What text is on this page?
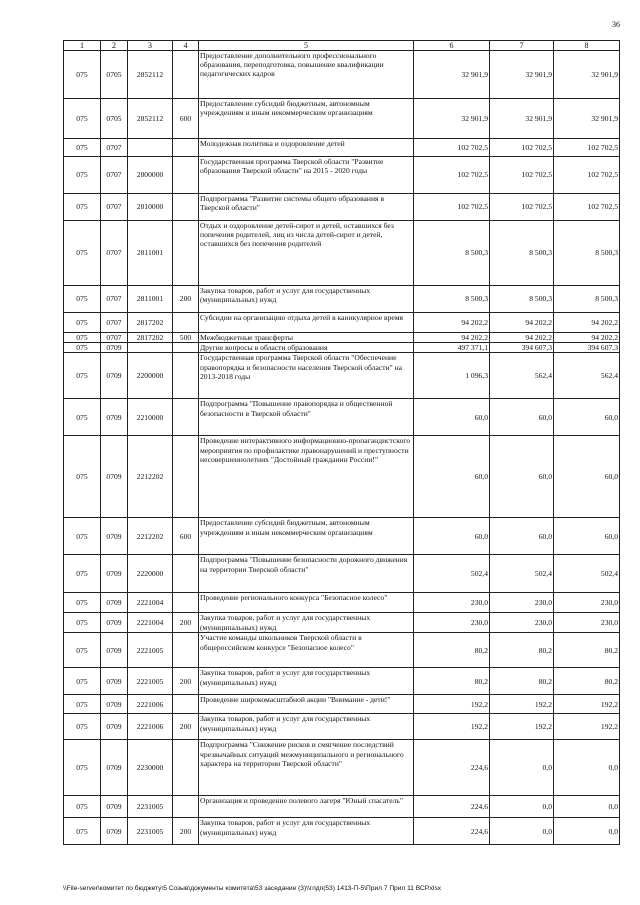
36
1	2	3	4	5	6	7	8
075	0705	2852112		Предоставление дополнительного профессионального образования, переподготовка, повышение квалификации педагогических кадров	32 901,9	32 901,9	32 901,9
075	0705	2852112	600	Предоставление субсидий бюджетным, автономным учреждениям и иным некоммерческим организациям	32 901,9	32 901,9	32 901,9
075	0707			Молодежная политика и оздоровление детей	102 702,5	102 702,5	102 702,5
075	0707	2800000		Государственная программа Тверской области "Развитие образования Тверской области" на 2015 - 2020 годы	102 702,5	102 702,5	102 702,5
075	0707	2810000		Подпрограмма "Развитие системы общего образования в Тверской области"	102 702,5	102 702,5	102 702,5
075	0707	2811001		Отдых и оздоровление детей-сирот и детей, оставшихся без попечения родителей, лиц из числа детей-сирот и детей, оставшихся без попечения родителей	8 500,3	8 500,3	8 500,3
075	0707	2811001	200	Закупка товаров, работ и услуг для государственных (муниципальных) нужд	8 500,3	8 500,3	8 500,3
075	0707	2817202		Субсидии на организацию отдыха детей в каникулярное время	94 202,2	94 202,2	94 202,2
075	0707	2817202	500	Межбюджетные трансферты	94 202,2	94 202,2	94 202,2
075	0709			Другие вопросы в области образования	497 371,1	394 607,3	394 607,3
075	0709	2200000		Государственная программа Тверской области "Обеспечение правопорядка и безопасности населения Тверской области" на 2013-2018 годы	1 096,3	562,4	562,4
075	0709	2210000		Подпрограмма "Повышение правопорядка и общественной безопасности в Тверской области"	60,0	60,0	60,0
075	0709	2212202		Проведение интерактивного информационно-пропагандистского мероприятия по профилактике правонарушений и преступности несовершеннолетних "Достойный гражданин России!"	60,0	60,0	60,0
075	0709	2212202	600	Предоставление субсидий бюджетным, автономным учреждениям и иным некоммерческим организациям	60,0	60,0	60,0
075	0709	2220000		Подпрограмма "Повышение безопасности дорожного движения на территории Тверской области"	502,4	502,4	502,4
075	0709	2221004		Проведение регионального конкурса "Безопасное колесо"	230,0	230,0	230,0
075	0709	2221004	200	Закупка товаров, работ и услуг для государственных (муниципальных) нужд	230,0	230,0	230,0
075	0709	2221005		Участие команды школьников Тверской области в общероссийском конкурсе "Безопасное колесо"	80,2	80,2	80,2
075	0709	2221005	200	Закупка товаров, работ и услуг для государственных (муниципальных) нужд	80,2	80,2	80,2
075	0709	2221006		Проведение широкомасштабной акции "Внимание - дети!"	192,2	192,2	192,2
075	0709	2221006	200	Закупка товаров, работ и услуг для государственных (муниципальных) нужд	192,2	192,2	192,2
075	0709	2230000		Подпрограмма "Снижение рисков и смягчение последствий чрезвычайных ситуаций межмуниципального и регионального характера на территории Тверской области"	224,6	0,0	0,0
075	0709	2231005		Организация и проведение полевого лагеря "Юный спасатель"	224,6	0,0	0,0
075	0709	2231005	200	Закупка товаров, работ и услуг для государственных (муниципальных) нужд	224,6	0,0	0,0
\\File-server\комитет по бюджету\5 Созыв\документы комитета\53 заседание (3)\\гпдп(53) 1413-П-5\Прил 7 Прил 11 ВСР.xlsx
